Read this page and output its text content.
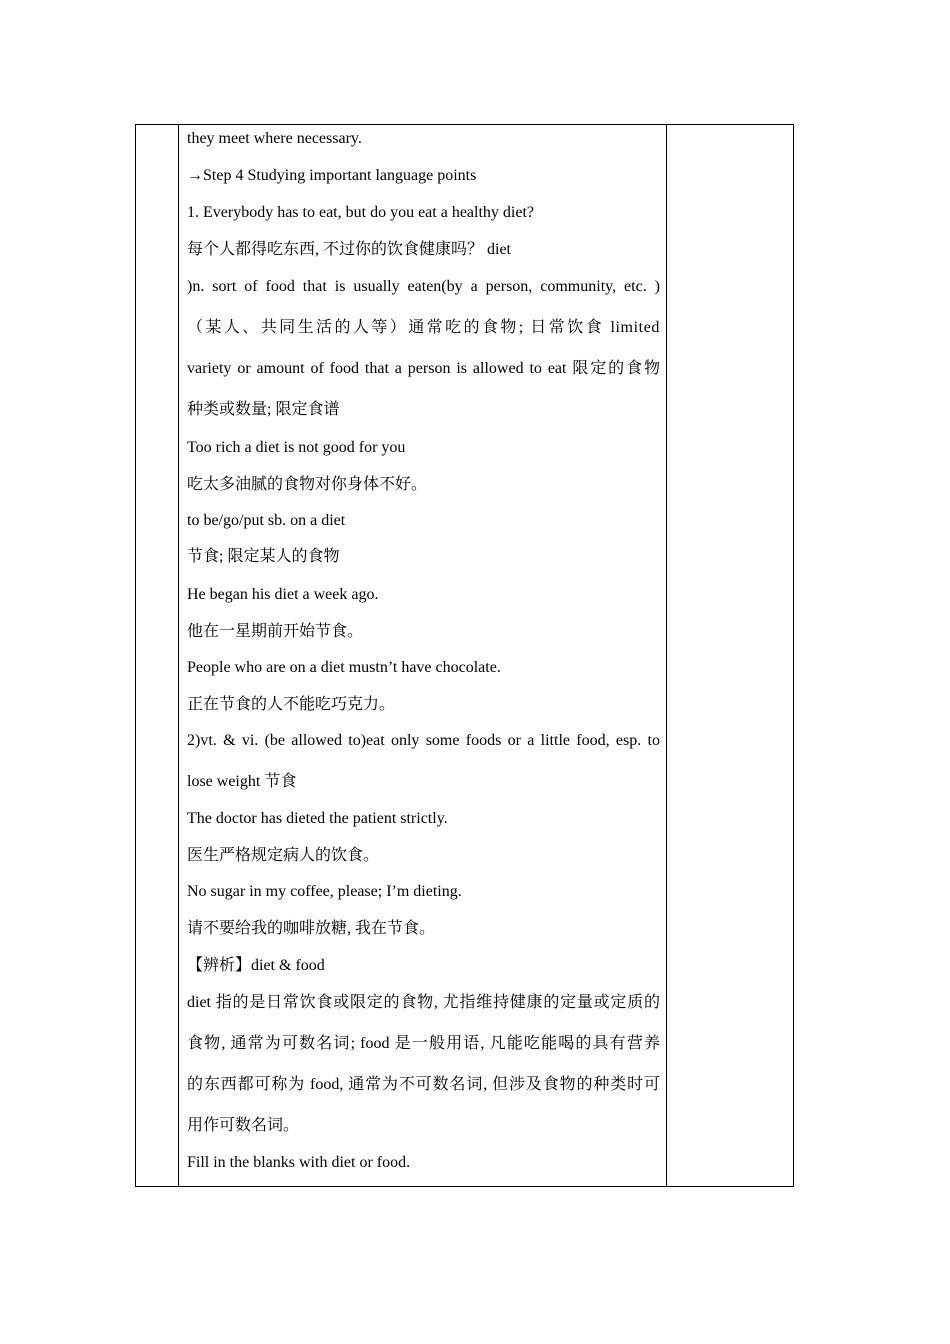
they meet where necessary.
→Step 4 Studying important language points
1. Everybody has to eat, but do you eat a healthy diet?
每个人都得吃东西, 不过你的饮食健康吗？ diet
)n. sort of food that is usually eaten(by a person, community, etc. )
（某人、共同生活的人等）通常吃的食物; 日常饮食 limited
variety or amount of food that a person is allowed to eat 限定的食物
种类或数量; 限定食谱
Too rich a diet is not good for you
吃太多油腻的食物对你身体不好。
to be/go/put sb. on a diet
节食; 限定某人的食物
He began his diet a week ago.
他在一星期前开始节食。
People who are on a diet mustn’t have chocolate.
正在节食的人不能吃巧克力。
2)vt. & vi. (be allowed to)eat only some foods or a little food, esp. to
lose weight 节食
The doctor has dieted the patient strictly.
医生严格规定病人的饮食。
No sugar in my coffee, please; I’m dieting.
请不要给我的咖啡放糖, 我在节食。
【辨析】diet & food
diet 指的是日常饮食或限定的食物, 尤指维持健康的定量或定质的
食物, 通常为可数名词; food 是一般用语, 凡能吃能喝的具有营养
的东西都可称为 food, 通常为不可数名词, 但涉及食物的种类时可
用作可数名词。
Fill in the blanks with diet or food.
